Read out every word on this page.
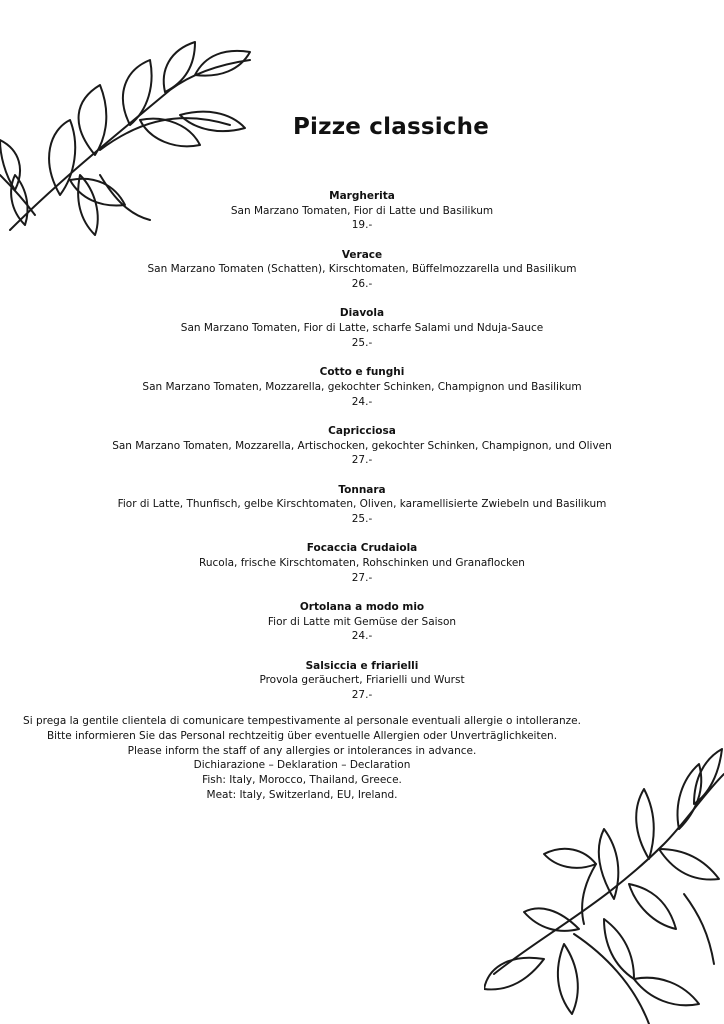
Pizze classiche
Margherita
San Marzano Tomaten, Fior di Latte und Basilikum
19.-
Verace
San Marzano Tomaten (Schatten), Kirschtomaten, Büffelmozzarella und Basilikum
26.-
Diavola
San Marzano Tomaten, Fior di Latte, scharfe Salami und Nduja-Sauce
25.-
Cotto e funghi
San Marzano Tomaten, Mozzarella, gekochter Schinken, Champignon und Basilikum
24.-
Capricciosa
San Marzano Tomaten, Mozzarella, Artischocken, gekochter Schinken, Champignon, und Oliven
27.-
Tonnara
Fior di Latte, Thunfisch, gelbe Kirschtomaten, Oliven, karamellisierte Zwiebeln und Basilikum
25.-
Focaccia Crudaiola
Rucola, frische Kirschtomaten, Rohschinken und Granaflocken
27.-
Ortolana a modo mio
Fior di Latte mit Gemüse der Saison
24.-
Salsiccia e friarielli
Provola geräuchert, Friarielli und Wurst
27.-
Si prega la gentile clientela di comunicare tempestivamente al personale eventuali allergie o intolleranze.
Bitte informieren Sie das Personal rechtzeitig über eventuelle Allergien oder Unverträglichkeiten.
Please inform the staff of any allergies or intolerances in advance.
Dichiarazione – Deklaration – Declaration
Fish: Italy, Morocco, Thailand, Greece.
Meat: Italy, Switzerland, EU, Ireland.
